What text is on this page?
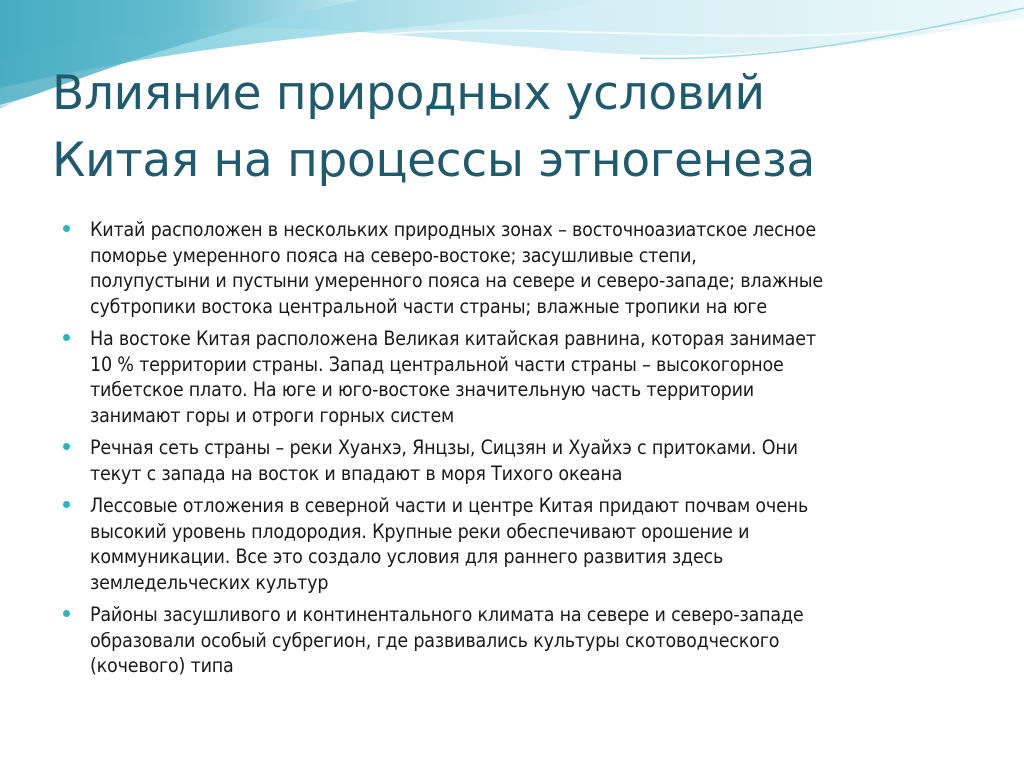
Влияние природных условий
Китая на процессы этногенеза
Китай расположен в нескольких природных зонах – восточноазиатское лесное
поморье умеренного пояса на северо-востоке; засушливые степи,
полупустыни и пустыни умеренного пояса на севере и северо-западе; влажные
субтропики востока центральной части страны; влажные тропики на юге
На востоке Китая расположена Великая китайская равнина, которая занимает
10 % территории страны. Запад центральной части страны – высокогорное
тибетское плато. На юге и юго-востоке значительную часть территории
занимают горы и отроги горных систем
Речная сеть страны – реки Хуанхэ, Янцзы, Сицзян и Хуайхэ с притоками. Они
текут с запада на восток и впадают в моря Тихого океана
Лессовые отложения в северной части и центре Китая придают почвам очень
высокий уровень плодородия. Крупные реки обеспечивают орошение и
коммуникации. Все это создало условия для раннего развития здесь
земледельческих культур
Районы засушливого и континентального климата на севере и северо-западе
образовали особый субрегион, где развивались культуры скотоводческого
(кочевого) типа
